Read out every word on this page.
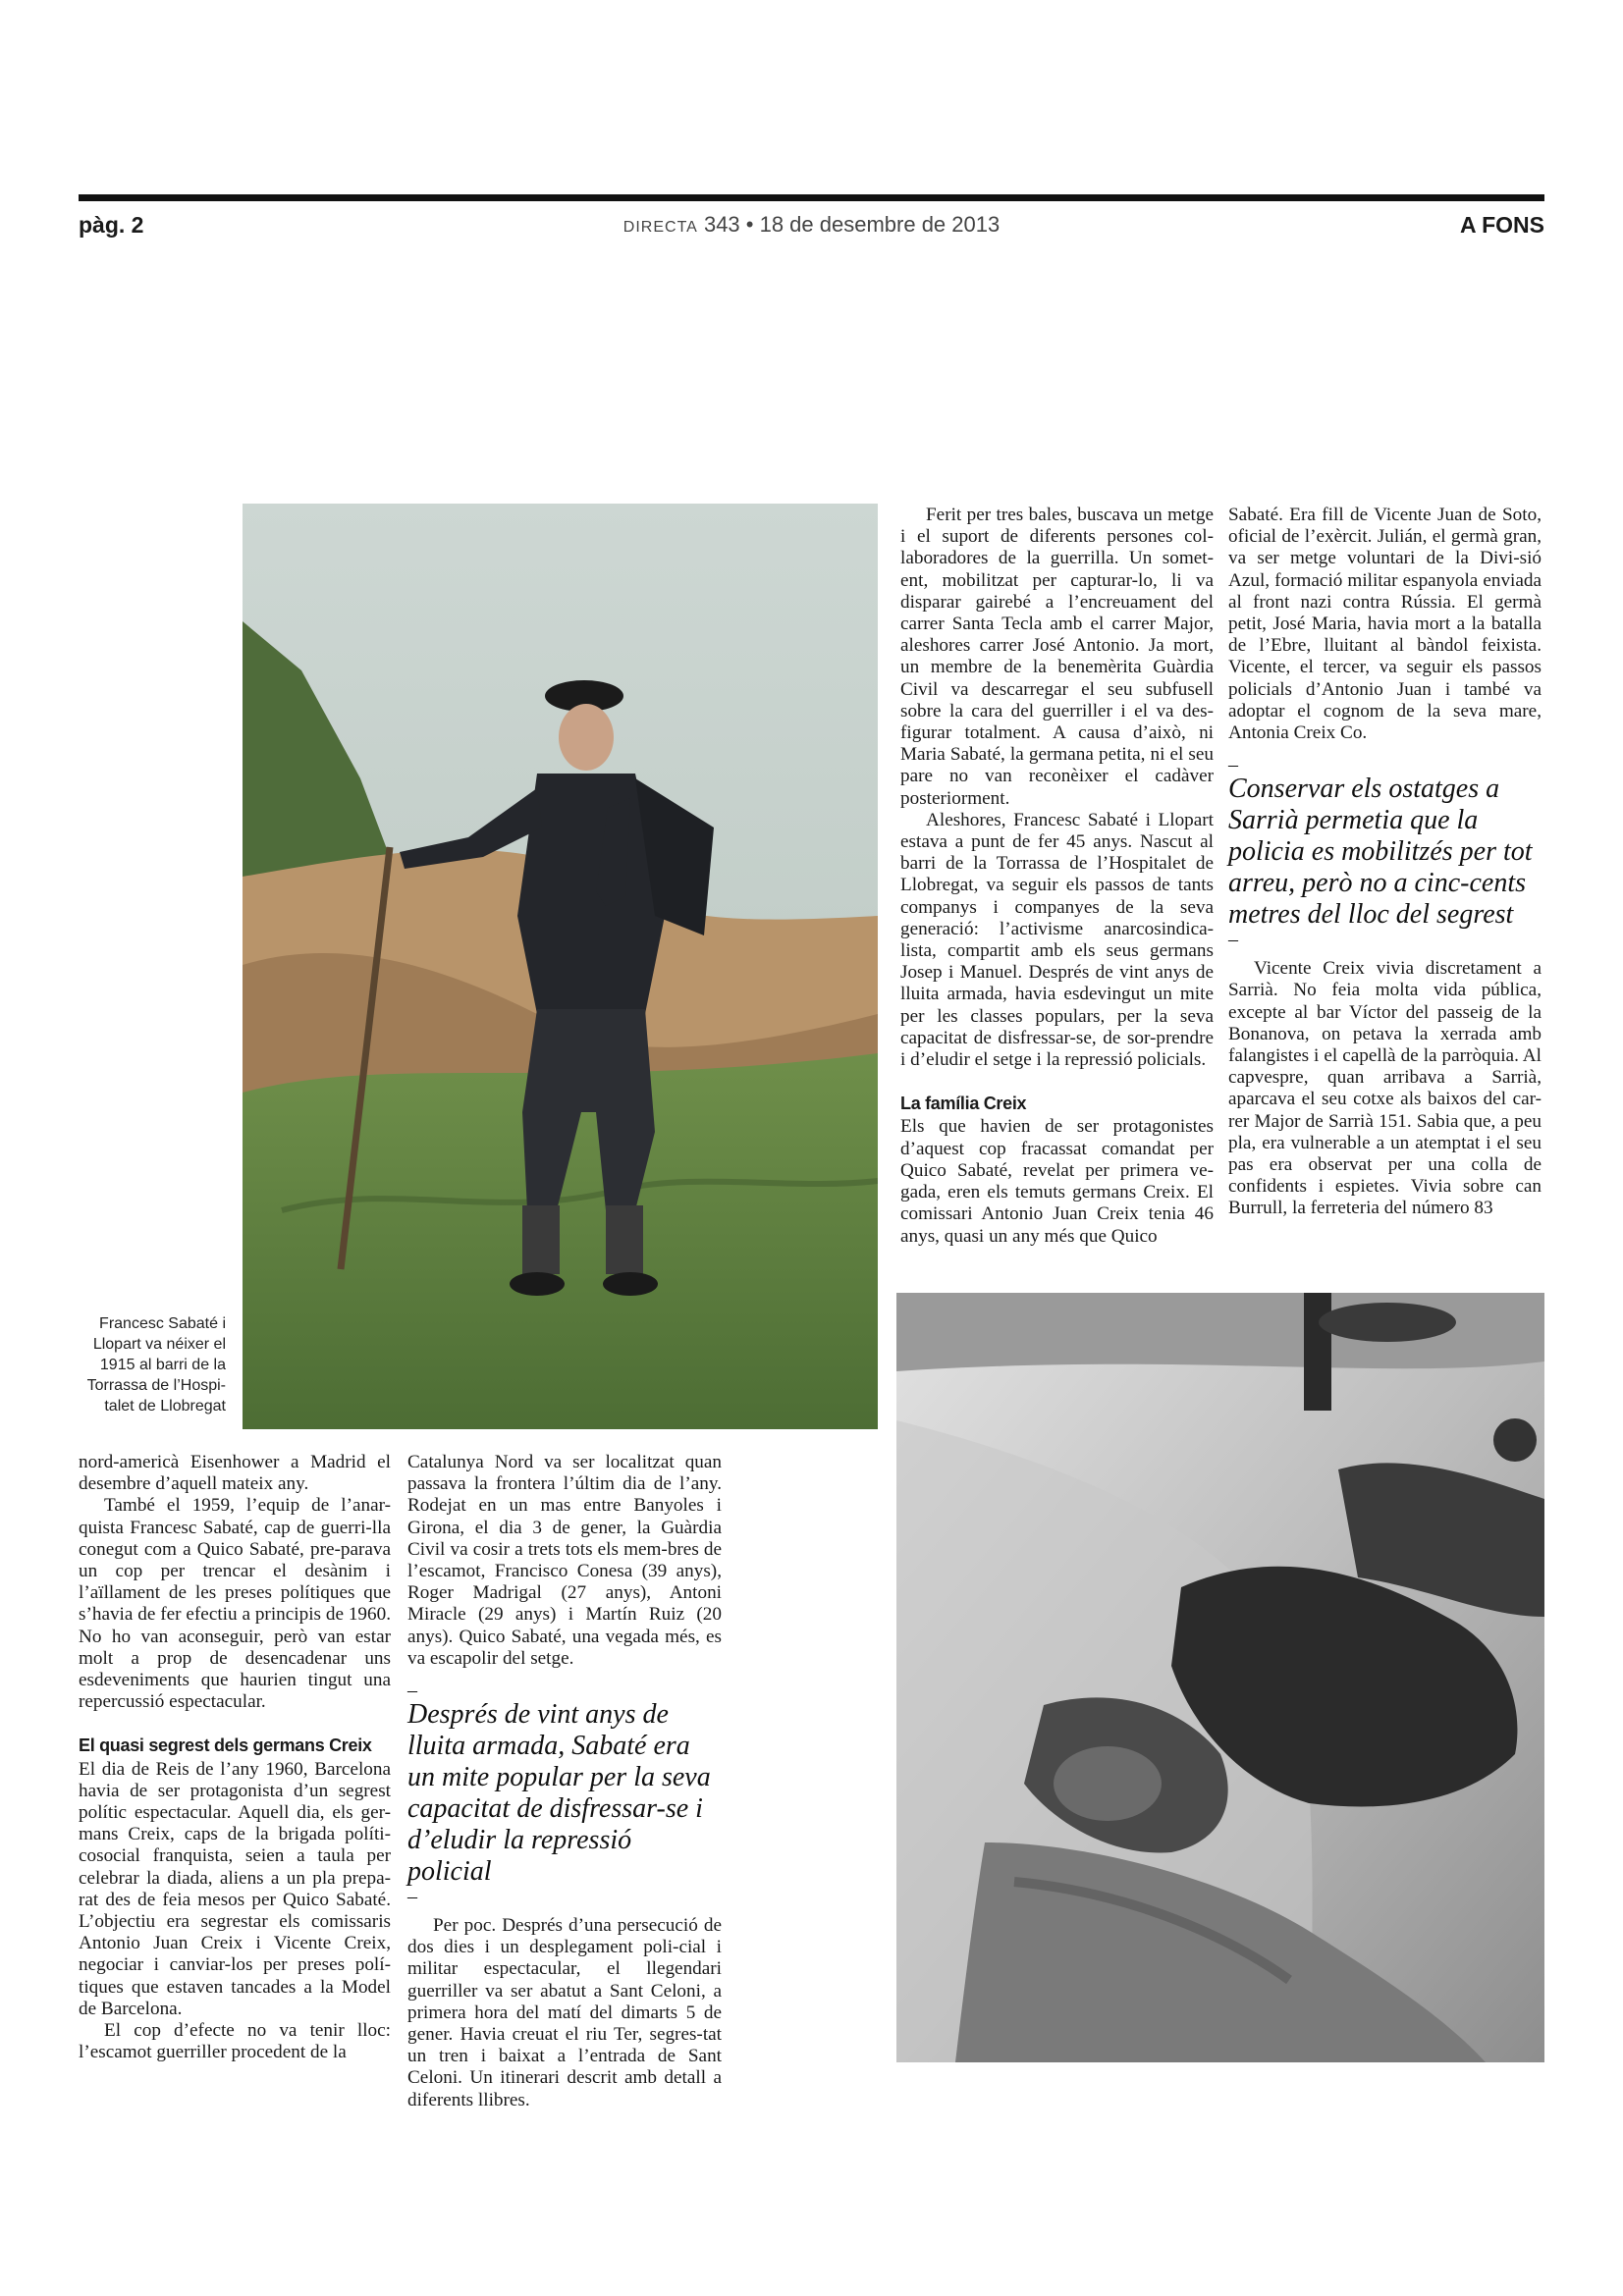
pàg. 2	DIRECTA 343 • 18 de desembre de 2013	A FONS
Francesc Sabaté i Llopart va néixer el 1915 al barri de la Torrassa de l’Hospi-talet de Llobregat

Ferit per tres bales, buscava un metge i el suport de diferents persones col-laboradores de la guerrilla. Un somet-ent, mobilitzat per capturar-lo, li va disparar gairebé a l’encreuament del carrer Santa Tecla amb el carrer Major, aleshores carrer José Antonio. Ja mort, un membre de la benemèrita Guàrdia Civil va descarregar el seu subfusell sobre la cara del guerriller i el va des-figurar totalment. A causa d’això, ni Maria Sabaté, la germana petita, ni el seu pare no van reconèixer el cadàver posteriorment.

Aleshores, Francesc Sabaté i Llopart estava a punt de fer 45 anys. Nascut al barri de la Torrassa de l’Hospitalet de Llobregat, va seguir els passos de tants companys i companyes de la seva generació: l’activisme anarcosindica-lista, compartit amb els seus germans Josep i Manuel. Després de vint anys de lluita armada, havia esdevingut un mite per les classes populars, per la seva capacitat de disfressar-se, de sor-prendre i d’eludir el setge i la repressió policials.

La família Creix

Els que havien de ser protagonistes d’aquest cop fracassat comandat per Quico Sabaté, revelat per primera ve-gada, eren els temuts germans Creix. El comissari Antonio Juan Creix tenia 46 anys, quasi un any més que Quico

Sabaté. Era fill de Vicente Juan de Soto, oficial de l’exèrcit. Julián, el germà gran, va ser metge voluntari de la Divi-sió Azul, formació militar espanyola enviada al front nazi contra Rússia. El germà petit, José Maria, havia mort a la batalla de l’Ebre, lluitant al bàndol feixista. Vicente, el tercer, va seguir els passos policials d’Antonio Juan i també va adoptar el cognom de la seva mare, Antonia Creix Co.

–
Conservar els ostatges a Sarrià permetia que la policia es mobilitzés per tot arreu, però no a cinc-cents metres del lloc del segrest
–

Vicente Creix vivia discretament a Sarrià. No feia molta vida pública, excepte al bar Víctor del passeig de la Bonanova, on petava la xerrada amb falangistes i el capellà de la parròquia. Al capvespre, quan arribava a Sarrià, aparcava el seu cotxe als baixos del car-rer Major de Sarrià 151. Sabia que, a peu pla, era vulnerable a un atemptat i el seu pas era observat per una colla de confidents i espietes. Vivia sobre can Burrull, la ferreteria del número 83

nord-americà Eisenhower a Madrid el desembre d’aquell mateix any.

També el 1959, l’equip de l’anar-quista Francesc Sabaté, cap de guerri-lla conegut com a Quico Sabaté, pre-parava un cop per trencar el desànim i l’aïllament de les preses polítiques que s’havia de fer efectiu a principis de 1960. No ho van aconseguir, però van estar molt a prop de desencadenar uns esdeveniments que haurien tingut una repercussió espectacular.

El quasi segrest dels germans Creix

El dia de Reis de l’any 1960, Barcelona havia de ser protagonista d’un segrest polític espectacular. Aquell dia, els ger-mans Creix, caps de la brigada políti-cosocial franquista, seien a taula per celebrar la diada, aliens a un pla prepa-rat des de feia mesos per Quico Sabaté. L’objectiu era segrestar els comissaris Antonio Juan Creix i Vicente Creix, negociar i canviar-los per preses polí-tiques que estaven tancades a la Model de Barcelona.

El cop d’efecte no va tenir lloc: l’escamot guerriller procedent de la

Catalunya Nord va ser localitzat quan passava la frontera l’últim dia de l’any. Rodejat en un mas entre Banyoles i Girona, el dia 3 de gener, la Guàrdia Civil va cosir a trets tots els mem-bres de l’escamot, Francisco Conesa (39 anys), Roger Madrigal (27 anys), Antoni Miracle (29 anys) i Martín Ruiz (20 anys). Quico Sabaté, una vegada més, es va escapolir del setge.

–
Després de vint anys de lluita armada, Sabaté era un mite popular per la seva capacitat de disfressar-se i d’eludir la repressió policial
–

Per poc. Després d’una persecució de dos dies i un desplegament poli-cial i militar espectacular, el llegendari guerriller va ser abatut a Sant Celoni, a primera hora del matí del dimarts 5 de gener. Havia creuat el riu Ter, segres-tat un tren i baixat a l’entrada de Sant Celoni. Un itinerari descrit amb detall a diferents llibres.
